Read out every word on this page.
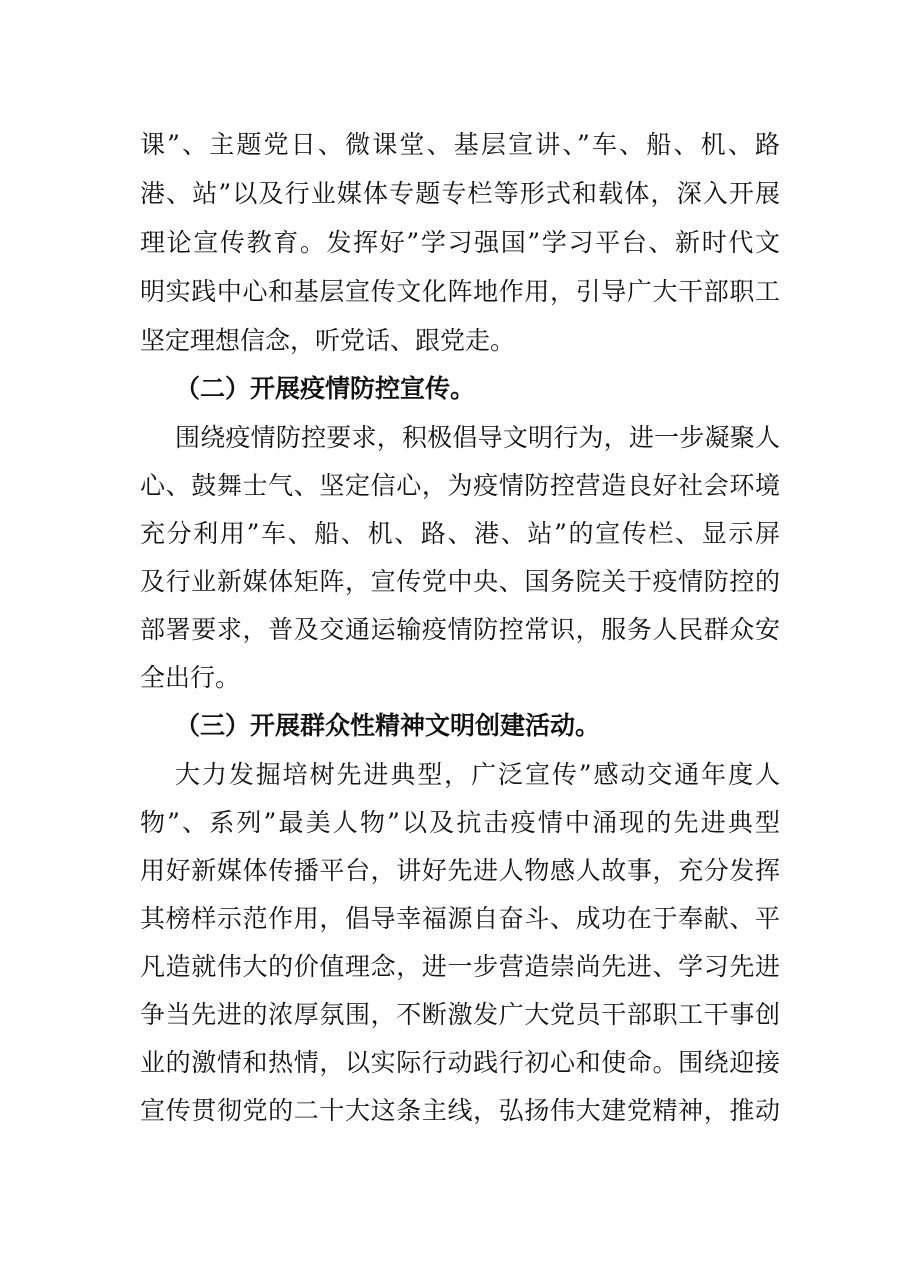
课”、主题党日、微课堂、基层宣讲、”车、船、机、路
港、站”以及行业媒体专题专栏等形式和载体，深入开展
理论宣传教育。发挥好”学习强国”学习平台、新时代文
明实践中心和基层宣传文化阵地作用，引导广大干部职工
坚定理想信念，听党话、跟党走。
（二）开展疫情防控宣传。
围绕疫情防控要求，积极倡导文明行为，进一步凝聚人
心、鼓舞士气、坚定信心，为疫情防控营造良好社会环境
充分利用”车、船、机、路、港、站”的宣传栏、显示屏
及行业新媒体矩阵，宣传党中央、国务院关于疫情防控的
部署要求，普及交通运输疫情防控常识，服务人民群众安
全出行。
（三）开展群众性精神文明创建活动。
大力发掘培树先进典型，广泛宣传”感动交通年度人
物”、系列”最美人物”以及抗击疫情中涌现的先进典型
用好新媒体传播平台，讲好先进人物感人故事，充分发挥
其榜样示范作用，倡导幸福源自奋斗、成功在于奉献、平
凡造就伟大的价值理念，进一步营造崇尚先进、学习先进
争当先进的浓厚氛围，不断激发广大党员干部职工干事创
业的激情和热情，以实际行动践行初心和使命。围绕迎接
宣传贯彻党的二十大这条主线，弘扬伟大建党精神，推动
